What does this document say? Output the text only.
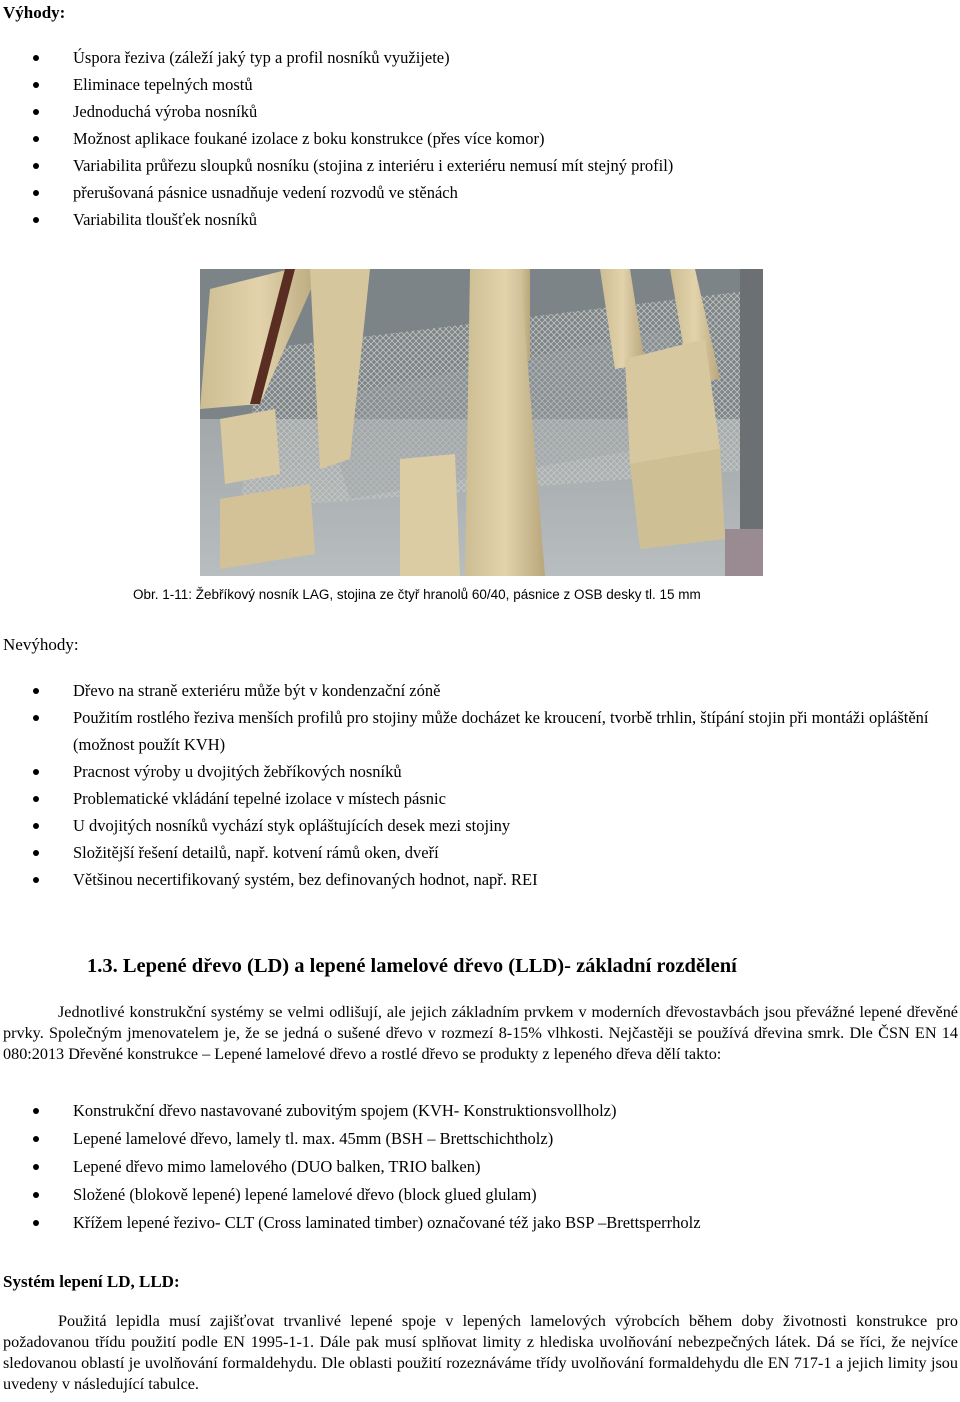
Výhody:
Úspora řeziva (záleží jaký typ a profil nosníků využijete)
Eliminace tepelných mostů
Jednoduchá výroba nosníků
Možnost aplikace foukané izolace z boku konstrukce (přes více komor)
Variabilita průřezu sloupků nosníku (stojina z interiéru i exteriéru nemusí mít stejný profil)
přerušovaná pásnice usnadňuje vedení rozvodů ve stěnách
Variabilita tloušťek nosníků
Obr. 1-11: Žebříkový nosník LAG, stojina ze čtyř hranolů 60/40, pásnice z OSB desky tl. 15 mm
Nevýhody:
Dřevo na straně exteriéru může být v kondenzační zóně
Použitím rostlého řeziva menších profilů pro stojiny může docházet ke kroucení, tvorbě trhlin, štípání stojin při montáži opláštění (možnost použít KVH)
Pracnost výroby u dvojitých žebříkových nosníků
Problematické vkládání tepelné izolace v místech pásnic
U dvojitých nosníků vychází styk opláštujících desek mezi stojiny
Složitější řešení detailů, např. kotvení rámů oken, dveří
Většinou necertifikovaný systém, bez definovaných hodnot, např. REI
1.3. Lepené dřevo (LD) a lepené lamelové dřevo (LLD)- základní rozdělení

Jednotlivé konstrukční systémy se velmi odlišují, ale jejich základním prvkem v moderních dřevostavbách jsou převážné lepené dřevěné prvky. Společným jmenovatelem je, že se jedná o sušené dřevo v rozmezí 8-15% vlhkosti. Nejčastěji se používá dřevina smrk. Dle ČSN EN 14 080:2013 Dřevěné konstrukce – Lepené lamelové dřevo a rostlé dřevo se produkty z lepeného dřeva dělí takto:

Konstrukční dřevo nastavované zubovitým spojem (KVH- Konstruktionsvollholz)
Lepené lamelové dřevo, lamely tl. max. 45mm (BSH – Brettschichtholz)
Lepené dřevo mimo lamelového (DUO balken, TRIO balken)
Složené (blokově lepené) lepené lamelové dřevo (block glued glulam)
Křížem lepené řezivo- CLT (Cross laminated timber) označované též jako BSP –Brettsperrholz
Systém lepení LD, LLD:

Použitá lepidla musí zajišťovat trvanlivé lepené spoje v lepených lamelových výrobcích během doby životnosti konstrukce pro požadovanou třídu použití podle EN 1995-1-1. Dále pak musí splňovat limity z hlediska uvolňování nebezpečných látek. Dá se říci, že nejvíce sledovanou oblastí je uvolňování formaldehydu. Dle oblasti použití rozeznáváme třídy uvolňování formaldehydu dle EN 717-1 a jejich limity jsou uvedeny v následující tabulce.
